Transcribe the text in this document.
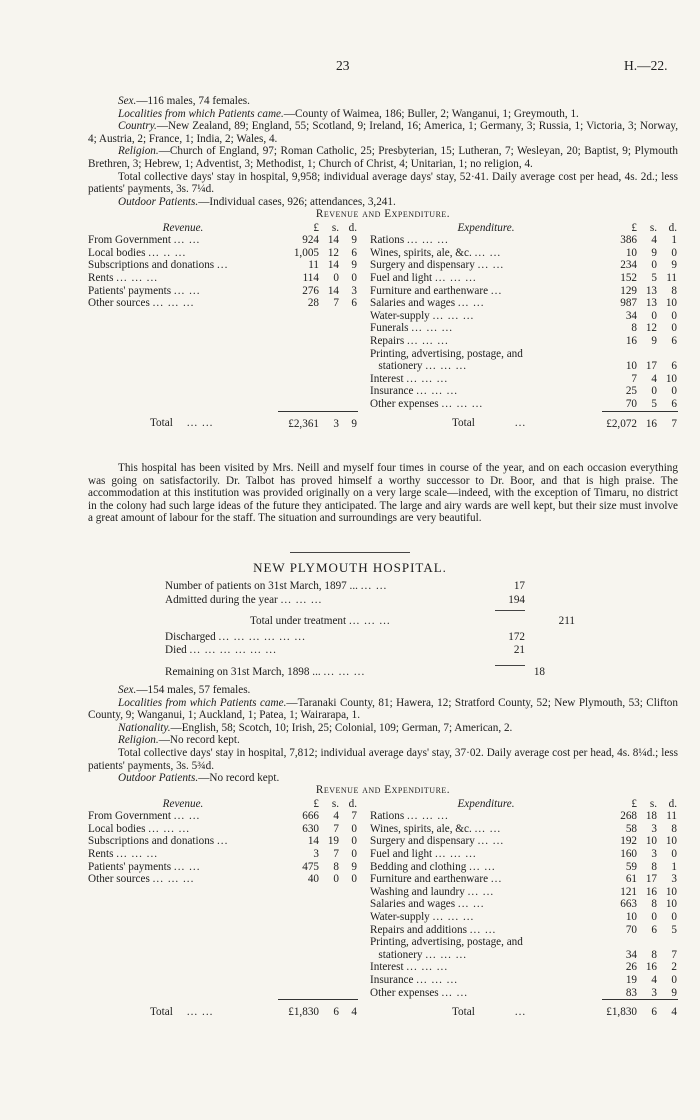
23	H.—22.

Sex.—116 males, 74 females.

Localities from which Patients came.—County of Waimea, 186; Buller, 2; Wanganui, 1; Greymouth, 1.

Country.—New Zealand, 89; England, 55; Scotland, 9; Ireland, 16; America, 1; Germany, 3; Russia, 1; Victoria, 3; Norway, 4; Austria, 2; France, 1; India, 2; Wales, 4.

Religion.—Church of England, 97; Roman Catholic, 25; Presbyterian, 15; Lutheran, 7; Wesleyan, 20; Baptist, 9; Plymouth Brethren, 3; Hebrew, 1; Adventist, 3; Methodist, 1; Church of Christ, 4; Unitarian, 1; no religion, 4.

Total collective days' stay in hospital, 9,958; individual average days' stay, 52·41. Daily average cost per head, 4s. 2d.; less patients' payments, 3s. 7¼d.

Outdoor Patients.—Individual cases, 926; attendances, 3,241.

Revenue and Expenditure.
Revenue.	£	s.	d.		Expenditure.	£	s.	d.
From Government ... ...	924	14	9		Rations ... ... ...	386	4	1
Local bodies ... .. ...	1,005	12	6		Wines, spirits, ale, &c. ... ...	10	9	0
Subscriptions and donations ...	11	14	9		Surgery and dispensary ... ...	234	0	9
Rents ... ... ...	114	0	0		Fuel and light ... ... ...	152	5	11
Patients' payments ... ...	276	14	3		Furniture and earthenware ...	129	13	8
Other sources ... ... ...	28	7	6		Salaries and wages ... ...	987	13	10
					Water-supply ... ... ...	34	0	0
					Funerals ... ... ...	8	12	0
					Repairs ... ... ...	16	9	6
					Printing, advertising, postage, and			
					stationery ... ... ...	10	17	6
					Interest ... ... ...	7	4	10
					Insurance ... ... ...	25	0	0
					Other expenses ... ... ...	70	5	6
Total ... ...	£2,361	3	9		Total ...	£2,072	16	7

This hospital has been visited by Mrs. Neill and myself four times in course of the year, and on each occasion everything was going on satisfactorily. Dr. Talbot has proved himself a worthy successor to Dr. Boor, and that is high praise. The accommodation at this institution was provided originally on a very large scale—indeed, with the exception of Timaru, no district in the colony had such large ideas of the future they anticipated. The large and airy wards are well kept, but their size must involve a great amount of labour for the staff. The situation and surroundings are very beautiful.

NEW PLYMOUTH HOSPITAL.
Number of patients on 31st March, 1897 ... ... ...	17
Admitted during the year ... ... ...	194
Total under treatment ... ... ...	211
Discharged ... ... ... ... ... ...	172
Died ... ... ... ... ... ...	21
Remaining on 31st March, 1898 ... ... ... ...	18

Sex.—154 males, 57 females.

Localities from which Patients came.—Taranaki County, 81; Hawera, 12; Stratford County, 52; New Plymouth, 53; Clifton County, 9; Wanganui, 1; Auckland, 1; Patea, 1; Wairarapa, 1.

Nationality.—English, 58; Scotch, 10; Irish, 25; Colonial, 109; German, 7; American, 2.

Religion.—No record kept.

Total collective days' stay in hospital, 7,812; individual average days' stay, 37·02. Daily average cost per head, 4s. 8¼d.; less patients' payments, 3s. 5¾d.

Outdoor Patients.—No record kept.

Revenue and Expenditure.
Revenue.	£	s.	d.		Expenditure.	£	s.	d.
From Government ... ...	666	4	7		Rations ... ... ...	268	18	11
Local bodies ... ... ...	630	7	0		Wines, spirits, ale, &c. ... ...	58	3	8
Subscriptions and donations ...	14	19	0		Surgery and dispensary ... ...	192	10	10
Rents ... ... ...	3	7	0		Fuel and light ... ... ...	160	3	0
Patients' payments ... ...	475	8	9		Bedding and clothing ... ...	59	8	1
Other sources ... ... ...	40	0	0		Furniture and earthenware ...	61	17	3
					Washing and laundry ... ...	121	16	10
					Salaries and wages ... ...	663	8	10
					Water-supply ... ... ...	10	0	0
					Repairs and additions ... ...	70	6	5
					Printing, advertising, postage, and			
					stationery ... ... ...	34	8	7
					Interest ... ... ...	26	16	2
					Insurance ... ... ...	19	4	0
					Other expenses ... ...	83	3	9
Total ... ...	£1,830	6	4		Total ...	£1,830	6	4
